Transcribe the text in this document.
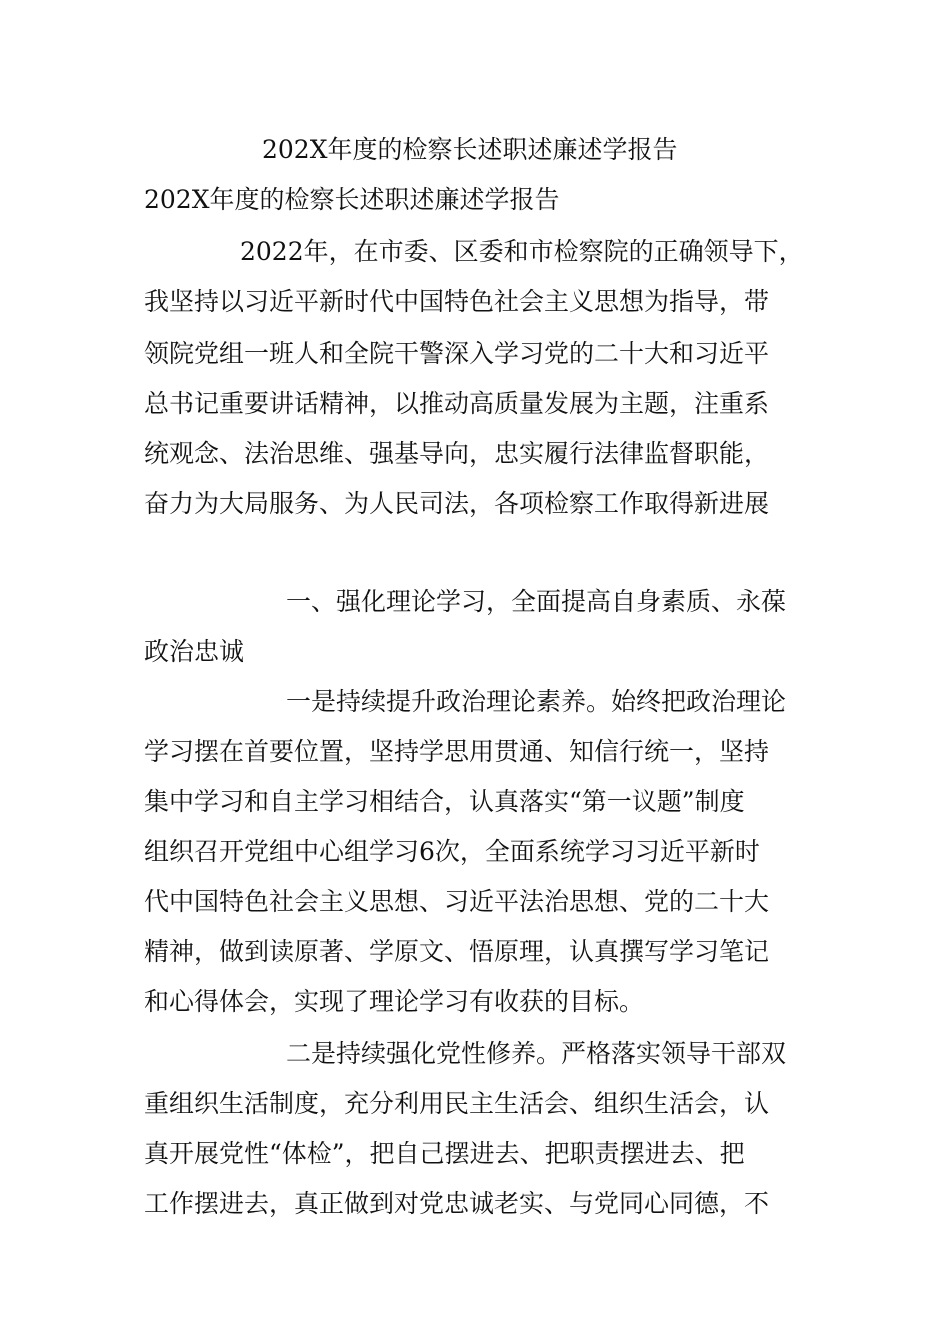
202X年度的检察长述职述廉述学报告
202X年度的检察长述职述廉述学报告
2022年，在市委、区委和市检察院的正确领导下，
我坚持以习近平新时代中国特色社会主义思想为指导，带
领院党组一班人和全院干警深入学习党的二十大和习近平
总书记重要讲话精神，以推动高质量发展为主题，注重系
统观念、法治思维、强基导向，忠实履行法律监督职能，
奋力为大局服务、为人民司法，各项检察工作取得新进展
一、强化理论学习，全面提高自身素质、永葆
政治忠诚
一是持续提升政治理论素养。始终把政治理论
学习摆在首要位置，坚持学思用贯通、知信行统一，坚持
集中学习和自主学习相结合，认真落实“第一议题”制度
组织召开党组中心组学习6次，全面系统学习习近平新时
代中国特色社会主义思想、习近平法治思想、党的二十大
精神，做到读原著、学原文、悟原理，认真撰写学习笔记
和心得体会，实现了理论学习有收获的目标。
二是持续强化党性修养。严格落实领导干部双
重组织生活制度，充分利用民主生活会、组织生活会，认
真开展党性“体检”，把自己摆进去、把职责摆进去、把
工作摆进去，真正做到对党忠诚老实、与党同心同德，不
